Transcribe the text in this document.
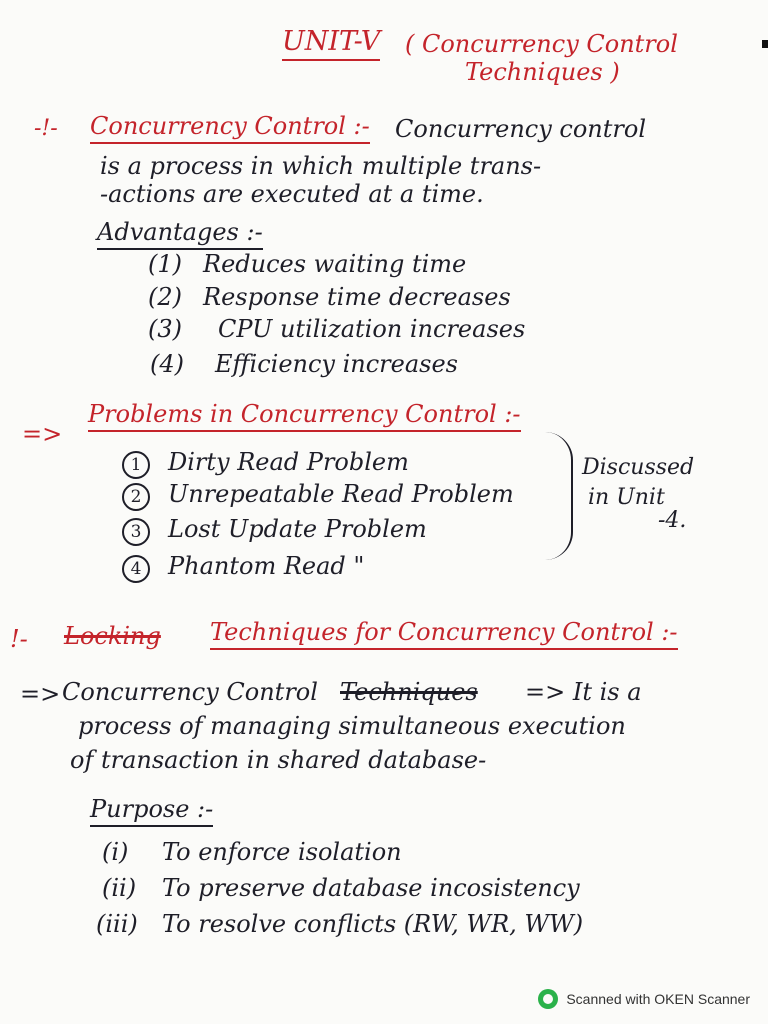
UNIT-V ( Concurrency Control
Techniques )
-!- Concurrency Control :- Concurrency control
is a process in which multiple trans-
-actions are executed at a time.
Advantages :-
(1) Reduces waiting time
(2) Response time decreases
(3) CPU utilization increases
(4) Efficiency increases
=>
Problems in Concurrency Control :-
1 Dirty Read Problem
2 Unrepeatable Read Problem
3 Lost Update Problem
4 Phantom Read "
Discussed
in Unit
-4.
!- Locking Techniques for Concurrency Control :-
=> Concurrency Control Techniques => It is a
process of managing simultaneous execution
of transaction in shared database-
Purpose :-
(i) To enforce isolation
(ii) To preserve database incosistency
(iii) To resolve conflicts (RW, WR, WW)
Scanned with OKEN Scanner
